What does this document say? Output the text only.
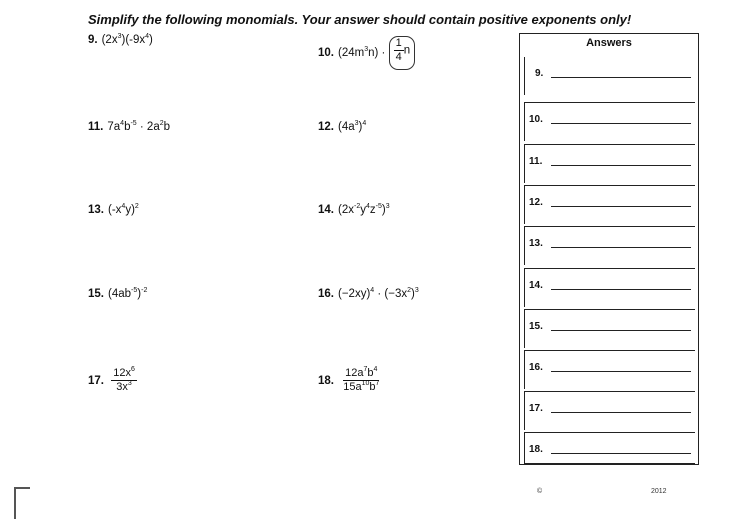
Simplify the following monomials. Your answer should contain positive exponents only!
9. $(2x^3)(-9x^4)$
10. $(24m^3n) \cdot \frac{1}{4}$ n
11. $7a^4b^{-5} \cdot 2a^2b$	12. $(4a^3)^4$
13. $(-x^4y)^2$	14. $(2x^{-2}y^4z^{-5})^3$
15. $(4ab^{-5})^{-2}$	16. $(-2xy)^4 \cdot (-3x^2)^3$
17. $\frac{12x^6}{3x^3}$	18. $\frac{12a^7b^4}{15a^{10}b^7}$
Answers
9.
10.
11.
12.
13.
14.
15.
16.
17.
18.
©	2012
